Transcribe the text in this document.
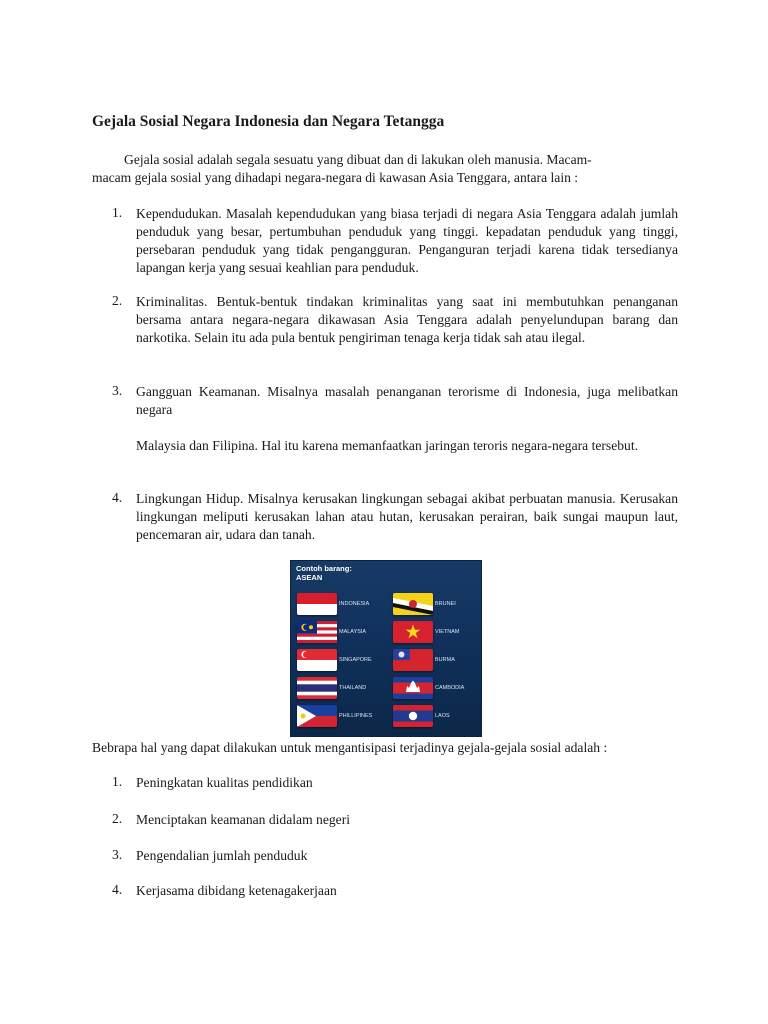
Gejala Sosial Negara Indonesia dan Negara Tetangga

Gejala sosial adalah segala sesuatu yang dibuat dan di lakukan oleh manusia. Macam-
macam gejala sosial yang dihadapi negara-negara di kawasan Asia Tenggara, antara lain :

1. Kependudukan. Masalah kependudukan yang biasa terjadi di negara Asia Tenggara adalah jumlah penduduk yang besar, pertumbuhan penduduk yang tinggi. kepadatan penduduk yang tinggi, persebaran penduduk yang tidak pengangguran. Penganguran terjadi karena tidak tersedianya lapangan kerja yang sesuai keahlian para penduduk.
2. Kriminalitas. Bentuk-bentuk tindakan kriminalitas yang saat ini membutuhkan penanganan bersama antara negara-negara dikawasan Asia Tenggara adalah penyelundupan barang dan narkotika. Selain itu ada pula bentuk pengiriman tenaga kerja tidak sah atau ilegal.
3. Gangguan Keamanan. Misalnya masalah penanganan terorisme di Indonesia, juga melibatkan negara
Malaysia dan Filipina. Hal itu karena memanfaatkan jaringan teroris negara-negara tersebut.
4. Lingkungan Hidup. Misalnya kerusakan lingkungan sebagai akibat perbuatan manusia. Kerusakan lingkungan meliputi kerusakan lahan atau hutan, kerusakan perairan, baik sungai maupun laut, pencemaran air, udara dan tanah.
Contoh barang:
ASEAN
INDONESIA
MALAYSIA
SINGAPORE
THAILAND
PHILLIPINES
BRUNEI
VIETNAM
BURMA
CAMBODIA
LAOS
Bebrapa hal yang dapat dilakukan untuk mengantisipasi terjadinya gejala-gejala sosial adalah :
1. Peningkatan kualitas pendidikan
2. Menciptakan keamanan didalam negeri
3. Pengendalian jumlah penduduk
4. Kerjasama dibidang ketenagakerjaan
